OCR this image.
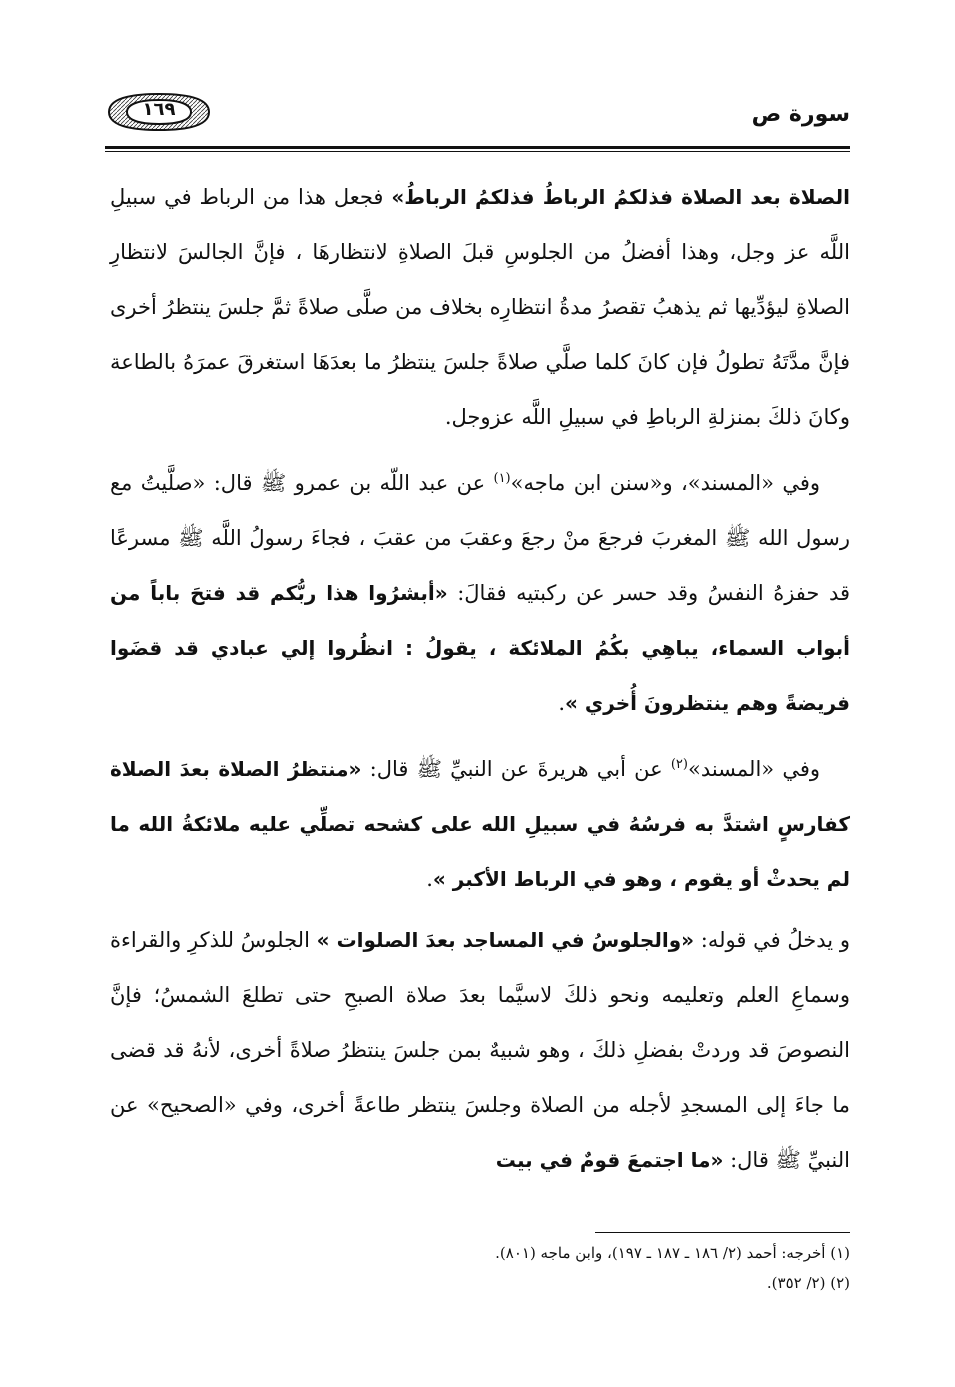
١٦٩	سورة ص

الصلاة بعد الصلاة فذلكمُ الرباطُ فذلكمُ الرباطُ» فجعل هذا من الرباط في سبيلِ اللَّه عز وجل، وهذا أفضلُ من الجلوسِ قبلَ الصلاةِ لانتظارهَا ، فإنَّ الجالسَ لانتظارِ الصلاةِ ليؤدِّيها ثم يذهبُ تقصرُ مدةُ انتظارِه بخلاف من صلَّى صلاةً ثمَّ جلسَ ينتظرُ أخرى فإنَّ مدَّتَهُ تطولُ فإن كانَ كلما صلَّي صلاةً جلسَ ينتظرُ ما بعدَهَا استغرقَ عمرَهُ بالطاعة وكانَ ذلكَ بمنزلةِ الرباطِ في سبيلِ اللَّه عزوجل.

وفي «المسند»، و«سنن ابن ماجه»$^{(١)}$ عن عبد اللّه بن عمرو ﷺ قال: «صلَّيتُ مع رسول الله ﷺ المغربَ فرجعَ منْ رجعَ وعقبَ من عقبَ ، فجاءَ رسولُ اللَّه ﷺ مسرعًا قد حفزهُ النفسُ وقد حسر عن ركبتيه فقالَ: «أبشرُوا هذا ربُّكم قد فتحَ باباً من أبواب السماء، يباهِي بكُمُ الملائكة ، يقولُ : انظُروا إلي عبادي قد قضَوا فريضةً وهم ينتظرونَ أُخري ».

وفي «المسند»$^{(٢)}$ عن أبي هريرةَ عن النبيِّ ﷺ قال: «منتظرُ الصلاة بعدَ الصلاة كفارسٍ اشتدَّ به فرسُهُ في سبيلِ الله على كشحه تصلِّي عليه ملائكةُ الله ما لم يحدثْ أو يقوم ، وهو في الرباط الأكبر ».

و يدخلُ في قوله: «والجلوسُ في المساجد بعدَ الصلوات » الجلوسُ للذكرِ والقراءة وسماعِ العلم وتعليمه ونحو ذلكَ لاسيَّما بعدَ صلاة الصبحِ حتى تطلعَ الشمسُ؛ فإنَّ النصوصَ قد وردتْ بفضلِ ذلكَ ، وهو شبيهٌ بمن جلسَ ينتظرُ صلاةً أخرى، لأنهُ قد قضى ما جاءَ إلى المسجدِ لأجله من الصلاة وجلسَ ينتظر طاعةً أخرى، وفي «الصحيح» عن النبيِّ ﷺ قال: «ما اجتمعَ قومٌ في بيت

(١) أخرجه: أحمد (٢/ ١٨٦ ـ ١٨٧ ـ ١٩٧)، وابن ماجه (٨٠١).

(٢) (٢/ ٣٥٢).
